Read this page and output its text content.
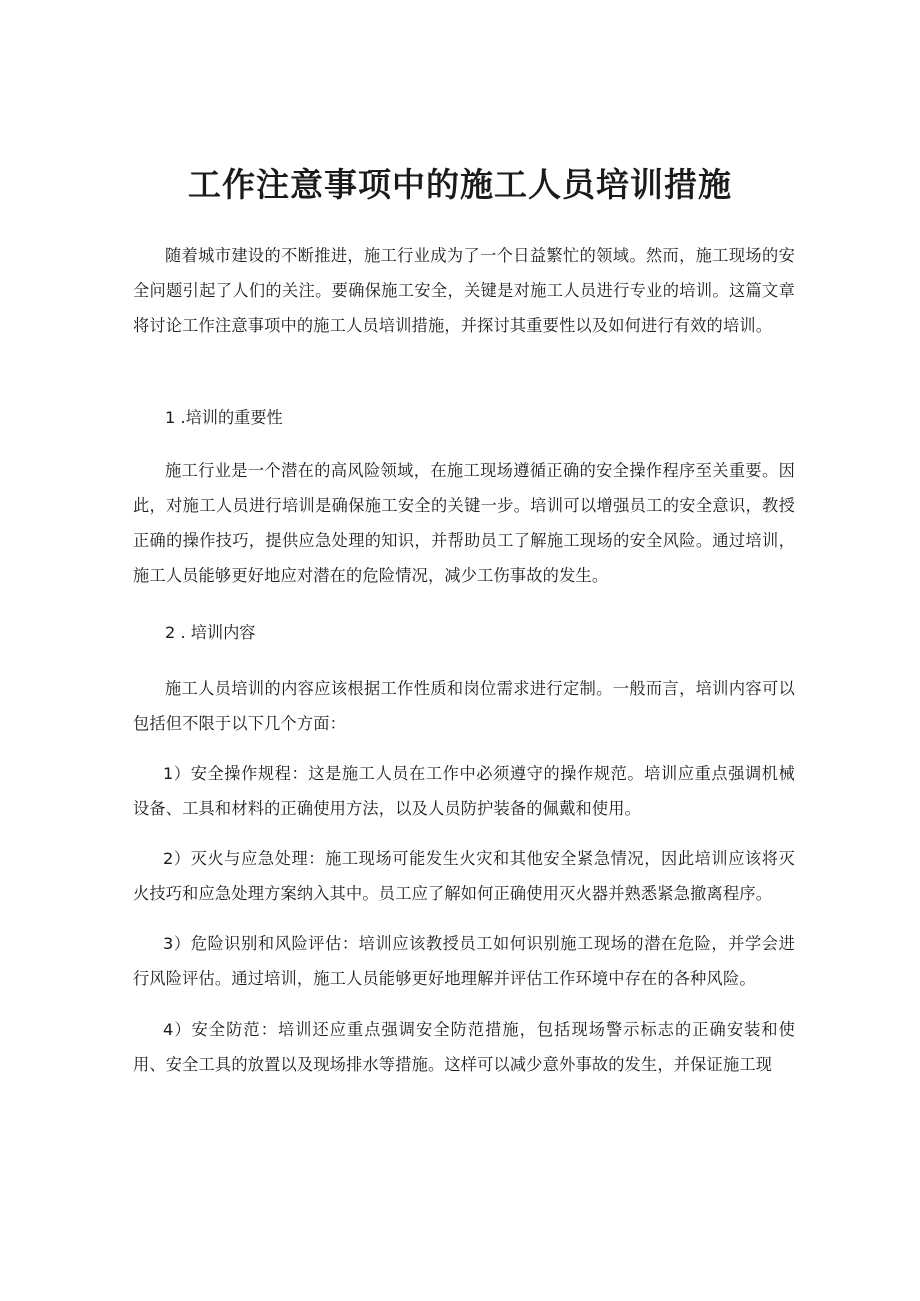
工作注意事项中的施工人员培训措施

随着城市建设的不断推进，施工行业成为了一个日益繁忙的领域。然而，施工现场的安全问题引起了人们的关注。要确保施工安全，关键是对施工人员进行专业的培训。这篇文章将讨论工作注意事项中的施工人员培训措施，并探讨其重要性以及如何进行有效的培训。

1 .培训的重要性

施工行业是一个潜在的高风险领域，在施工现场遵循正确的安全操作程序至关重要。因此，对施工人员进行培训是确保施工安全的关键一步。培训可以增强员工的安全意识，教授正确的操作技巧，提供应急处理的知识，并帮助员工了解施工现场的安全风险。通过培训，施工人员能够更好地应对潜在的危险情况，减少工伤事故的发生。

2 . 培训内容

施工人员培训的内容应该根据工作性质和岗位需求进行定制。一般而言，培训内容可以包括但不限于以下几个方面：

1）安全操作规程：这是施工人员在工作中必须遵守的操作规范。培训应重点强调机械设备、工具和材料的正确使用方法，以及人员防护装备的佩戴和使用。

2）灭火与应急处理：施工现场可能发生火灾和其他安全紧急情况，因此培训应该将灭火技巧和应急处理方案纳入其中。员工应了解如何正确使用灭火器并熟悉紧急撤离程序。

3）危险识别和风险评估：培训应该教授员工如何识别施工现场的潜在危险，并学会进行风险评估。通过培训，施工人员能够更好地理解并评估工作环境中存在的各种风险。

4）安全防范：培训还应重点强调安全防范措施，包括现场警示标志的正确安装和使用、安全工具的放置以及现场排水等措施。这样可以减少意外事故的发生，并保证施工现
